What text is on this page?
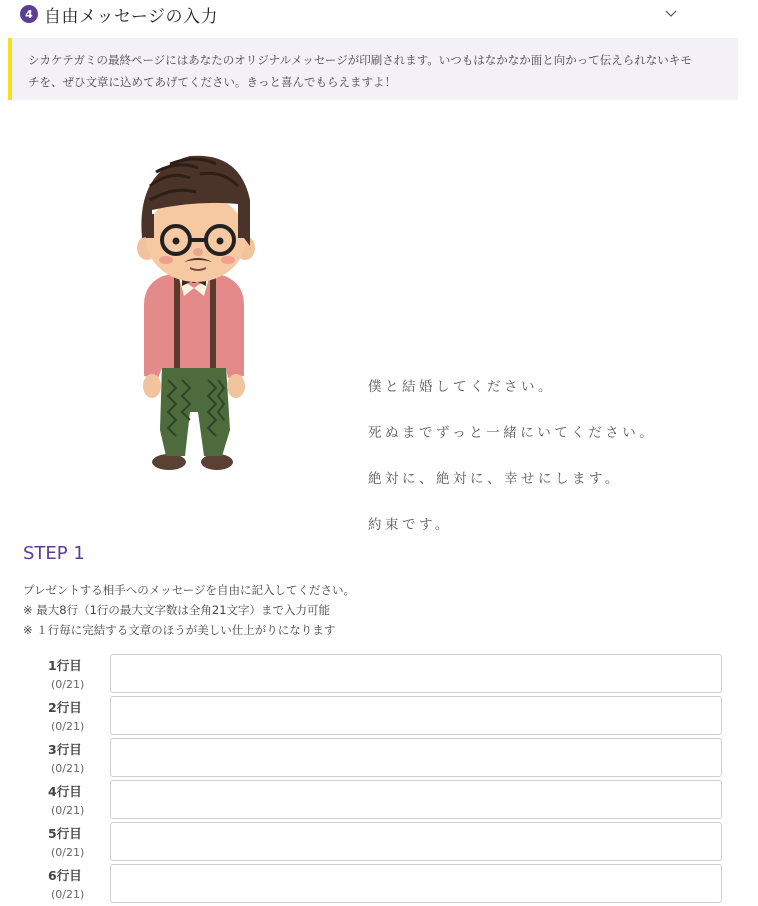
4 自由メッセージの入力
シカケテガミの最終ページにはあなたのオリジナルメッセージが印刷されます。いつもはなかなか面と向かって伝えられないキモ
チを、ぜひ文章に込めてあげてください。きっと喜んでもらえますよ！
僕と結婚してください。
死ぬまでずっと一緒にいてください。
絶対に、絶対に、幸せにします。
約束です。
STEP 1
プレゼントする相手へのメッセージを自由に記入してください。
※ 最大8行（1行の最大文字数は全角21文字）まで入力可能
※ １行毎に完結する文章のほうが美しい仕上がりになります
1行目
(0/21)
2行目
(0/21)
3行目
(0/21)
4行目
(0/21)
5行目
(0/21)
6行目
(0/21)
